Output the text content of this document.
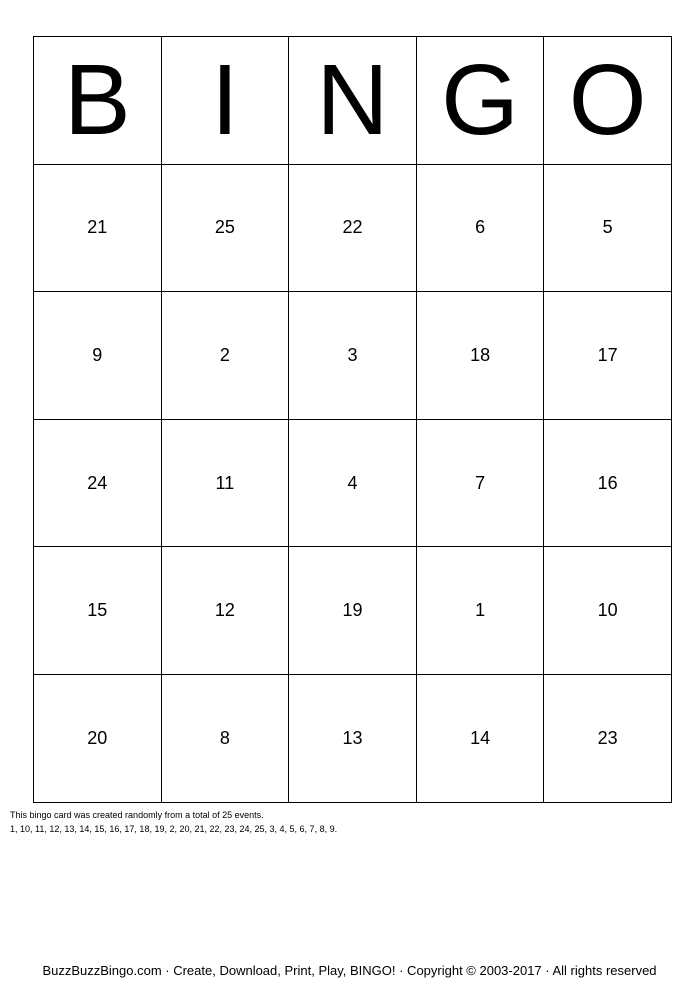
B	I	N	G	O
21	25	22	6	5
9	2	3	18	17
24	11	4	7	16
15	12	19	1	10
20	8	13	14	23
This bingo card was created randomly from a total of 25 events.
1, 10, 11, 12, 13, 14, 15, 16, 17, 18, 19, 2, 20, 21, 22, 23, 24, 25, 3, 4, 5, 6, 7, 8, 9.
BuzzBuzzBingo.com · Create, Download, Print, Play, BINGO! · Copyright © 2003-2017 · All rights reserved
